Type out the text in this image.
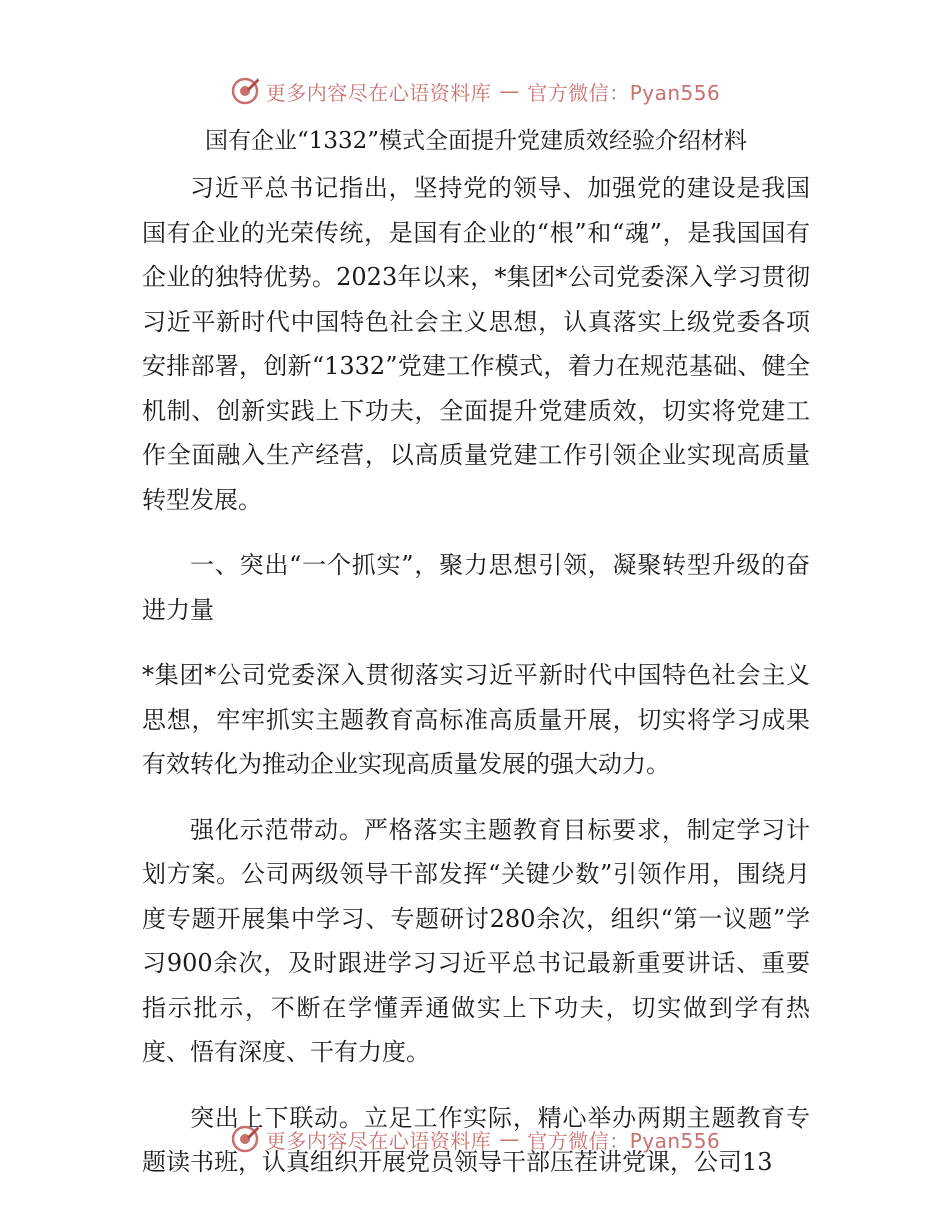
更多内容尽在心语资料库 — 官方微信：Pyan556
国有企业“1332”模式全面提升党建质效经验介绍材料

习近平总书记指出，坚持党的领导、加强党的建设是我国国有企业的光荣传统，是国有企业的“根”和“魂”，是我国国有企业的独特优势。2023年以来，*集团*公司党委深入学习贯彻习近平新时代中国特色社会主义思想，认真落实上级党委各项安排部署，创新“1332”党建工作模式，着力在规范基础、健全机制、创新实践上下功夫，全面提升党建质效，切实将党建工作全面融入生产经营，以高质量党建工作引领企业实现高质量转型发展。

一、突出“一个抓实”，聚力思想引领，凝聚转型升级的奋进力量

*集团*公司党委深入贯彻落实习近平新时代中国特色社会主义思想，牢牢抓实主题教育高标准高质量开展，切实将学习成果有效转化为推动企业实现高质量发展的强大动力。

强化示范带动。严格落实主题教育目标要求，制定学习计划方案。公司两级领导干部发挥“关键少数”引领作用，围绕月度专题开展集中学习、专题研讨280余次，组织“第一议题”学习900余次，及时跟进学习习近平总书记最新重要讲话、重要指示批示，不断在学懂弄通做实上下功夫，切实做到学有热度、悟有深度、干有力度。

突出上下联动。立足工作实际，精心举办两期主题教育专题读书班，认真组织开展党员领导干部压茬讲党课，公司13

更多内容尽在心语资料库 — 官方微信：Pyan556
